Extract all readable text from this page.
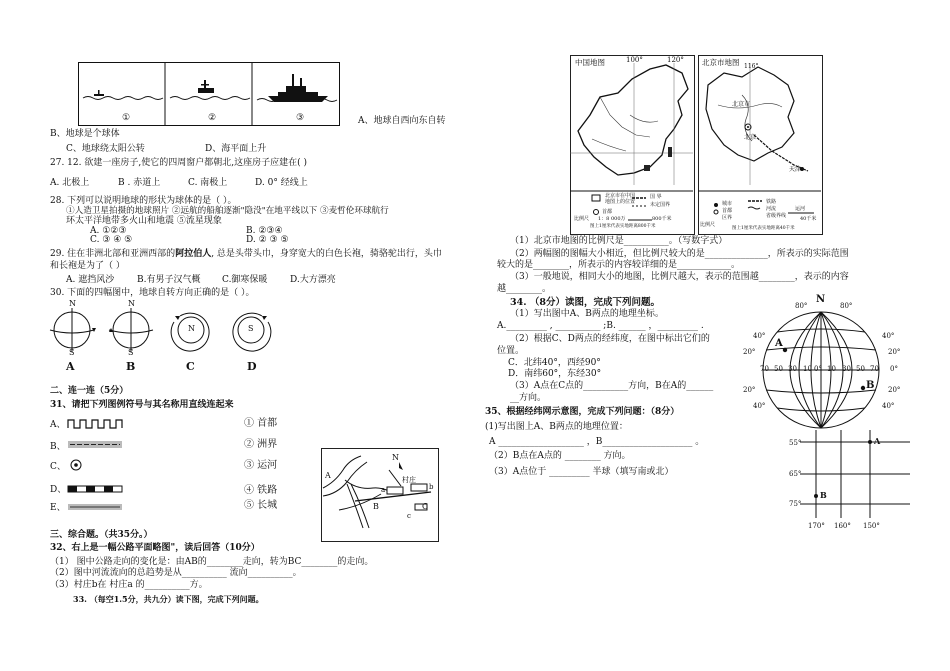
①	②	③	A、地球自西向东自转
B、地球是个球体
C、地球绕太阳公转	D、海平面上升
27. 12. 欲建一座房子,使它的四周窗户都朝北,这座房子应建在( )
A. 北极上	B . 赤道上	C. 南极上	D. 0° 经线上
28. 下列可以说明地球的形状为球体的是（ ）。
①人造卫星拍摄的地球照片 ②远航的船舶逐渐"隐没"在地平线以下 ③麦哲伦环球航行
环太平洋地带多火山和地震 ⑤流星现象
A. ①②③	B. ②③④
C. ③ ④ ⑤	D. ② ③ ⑤
29. 住在非洲北部和亚洲西部的阿拉伯人, 总是头带头巾，身穿宽大的白色长袍，骑骆驼出行，头巾
和长袍是为了（ ）
A. 遮挡风沙	B.有男子汉气概 C.御寒保暖	D.大方漂亮
30. 下面的四幅图中，地球自转方向正确的是（ ）。
N
S
N
S
N	S
A	B	C	D
二、连一连（5分）
31、请把下列图例符号与其名称用直线连起来
A、
B、
C、
D、
E、
① 首都
② 洲界
③ 运河
④ 铁路
⑤ 长城
N
A	村庄
a	b
B	C
c
三、综合题。（共35分。）
32、右上是一幅公路平面略图"，读后回答（10分）
（1） 图中公路走向的变化是：由AB的________走向，转为BC________的走向。
（2）图中河流流向的总趋势是从__________ 流向__________。
（3）村庄b在 村庄a 的__________方。
33. （每空1.5分，共九分）读下图，完成下列问题。
中国地图	100°	120°
北京市在中国
地图上的位置
国 界
未定国界
首都
比例尺 1：8 000万	800千米
图上1厘米代表实地距离800千米
北京市地图 116°
北京市
北京
天津
城市
首都
区界
铁路
河流
省级界线
运河
比例尺
40千米
图上1厘米代表实地距离40千米
（1）北京市地图的比例尺是__________。（写数字式）
（2）两幅图的图幅大小相近，但比例尺较大的是______________，所表示的实际范围
较大的是________，所表示的内容较详细的是____________。
（3）一般地说，相同大小的地图，比例尺越大，表示的范围越________，表示的内容
越________。
34. （8分）读图，完成下列问题。
（1）写出图中A、B两点的地理坐标。
A._________ , __________ ;B. ______ ，_________ .
（2）根据C、D两点的经纬度，在图中标出它们的
位置。
C．北纬40°，西经90°
D．南纬60°，东经30°
（3）A点在C点的__________方向，B在A的______
__方向。
N
80°	80°
40°
20°
20°
40°
40°
20°
0°
20°
40°
70 50 30 10 10 30 50 70
0°
A
B
35、根据经纬网示意图，完成下列问题：（8分）
(1)写出图上A、B两点的地理位置：
A ___________________ ，B____________________ 。
（2）B点在A点的 ________ 方向。
（3）A点位于 _________ 半球（填写南或北）
55°
65°
75°
170° 160° 150°
A
B
